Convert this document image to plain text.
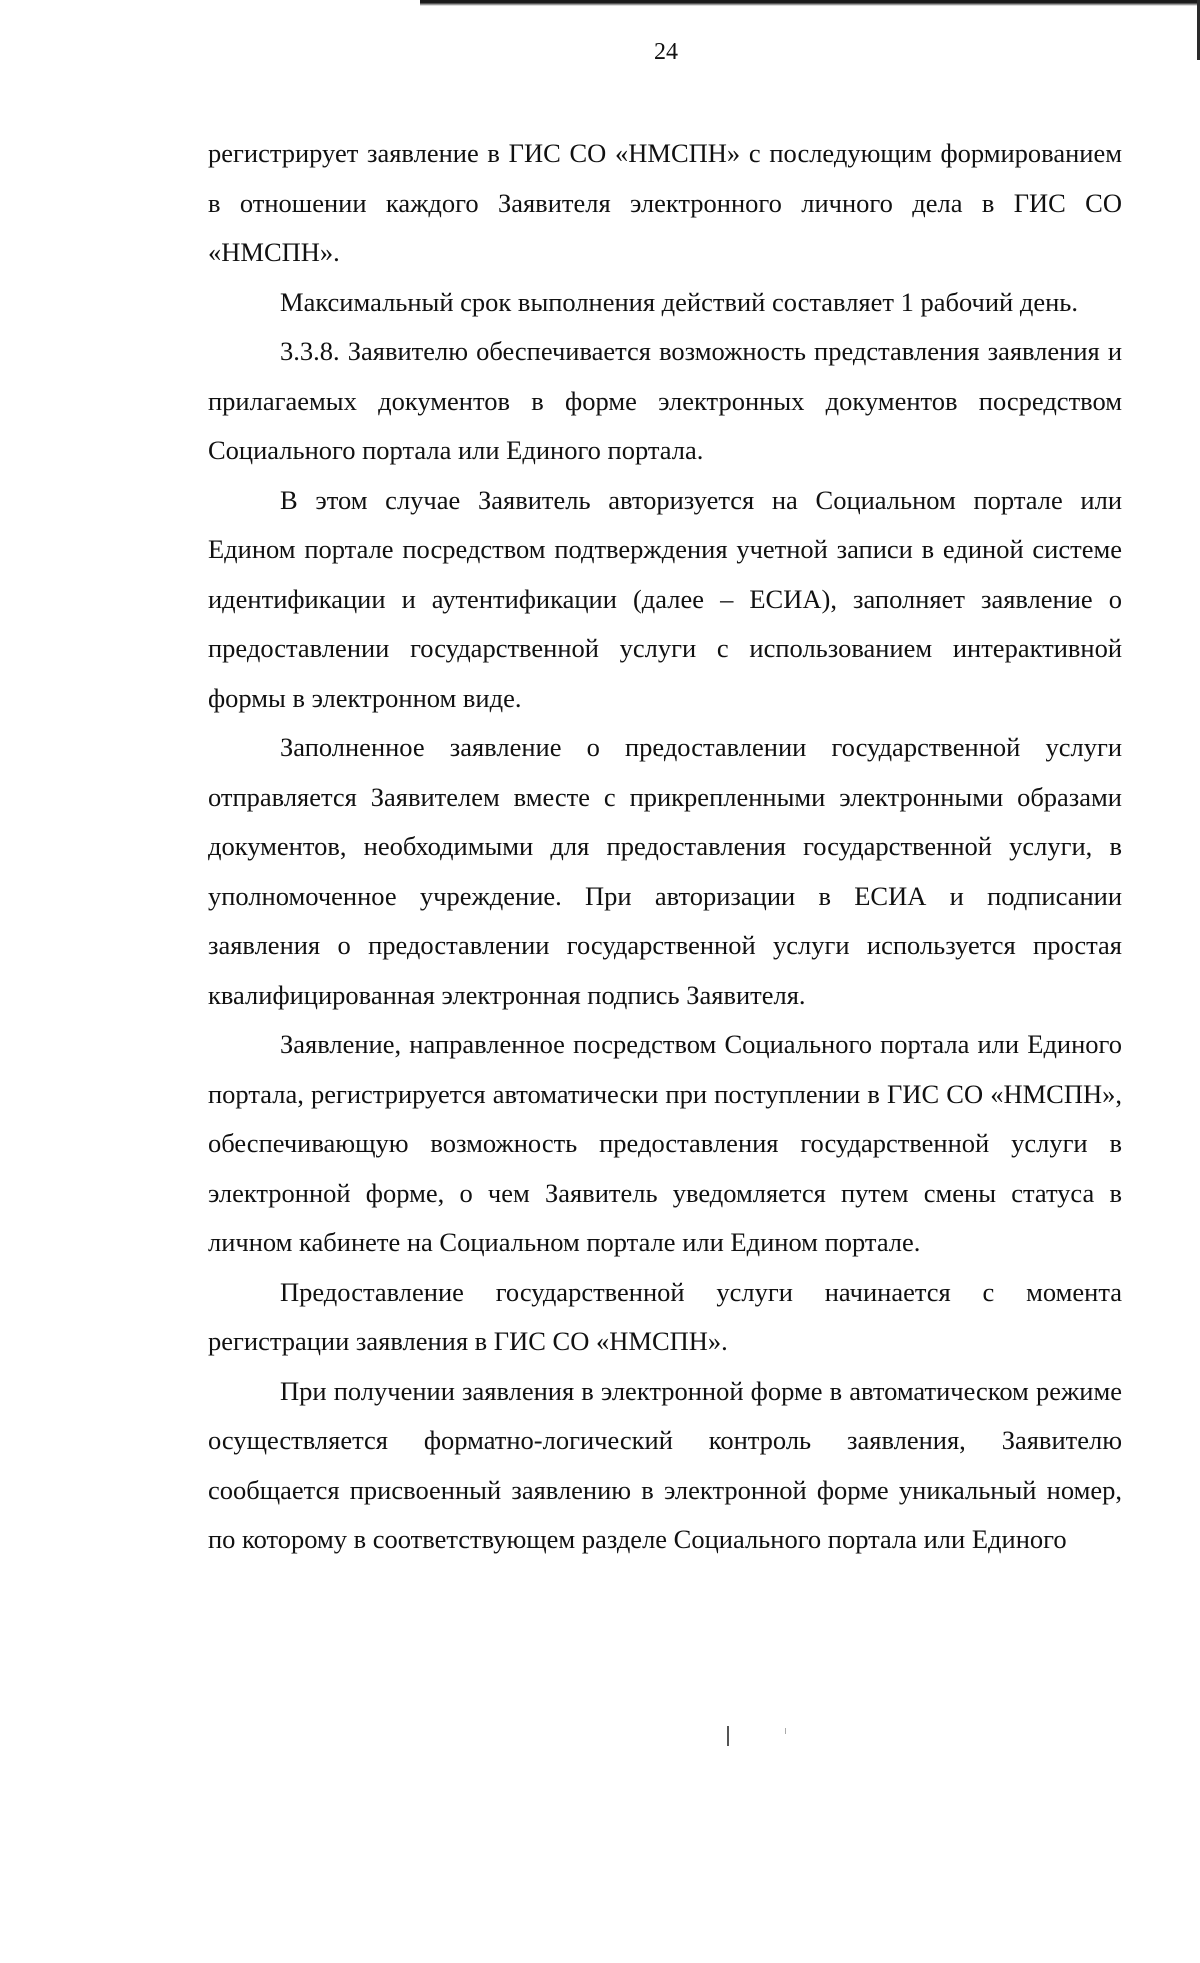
24

регистрирует заявление в ГИС СО «НМСПН» с последующим формированием в отношении каждого Заявителя электронного личного дела в ГИС СО «НМСПН».

Максимальный срок выполнения действий составляет 1 рабочий день.

3.3.8. Заявителю обеспечивается возможность представления заявления и прилагаемых документов в форме электронных документов посредством Социального портала или Единого портала.

В этом случае Заявитель авторизуется на Социальном портале или Едином портале посредством подтверждения учетной записи в единой системе идентификации и аутентификации (далее – ЕСИА), заполняет заявление о предоставлении государственной услуги с использованием интерактивной формы в электронном виде.

Заполненное заявление о предоставлении государственной услуги отправляется Заявителем вместе с прикрепленными электронными образами документов, необходимыми для предоставления государственной услуги, в уполномоченное учреждение. При авторизации в ЕСИА и подписании заявления о предоставлении государственной услуги используется простая квалифицированная электронная подпись Заявителя.

Заявление, направленное посредством Социального портала или Единого портала, регистрируется автоматически при поступлении в ГИС СО «НМСПН», обеспечивающую возможность предоставления государственной услуги в электронной форме, о чем Заявитель уведомляется путем смены статуса в личном кабинете на Социальном портале или Едином портале.

Предоставление государственной услуги начинается с момента регистрации заявления в ГИС СО «НМСПН».

При получении заявления в электронной форме в автоматическом режиме осуществляется форматно-логический контроль заявления, Заявителю сообщается присвоенный заявлению в электронной форме уникальный номер, по которому в соответствующем разделе Социального портала или Единого
